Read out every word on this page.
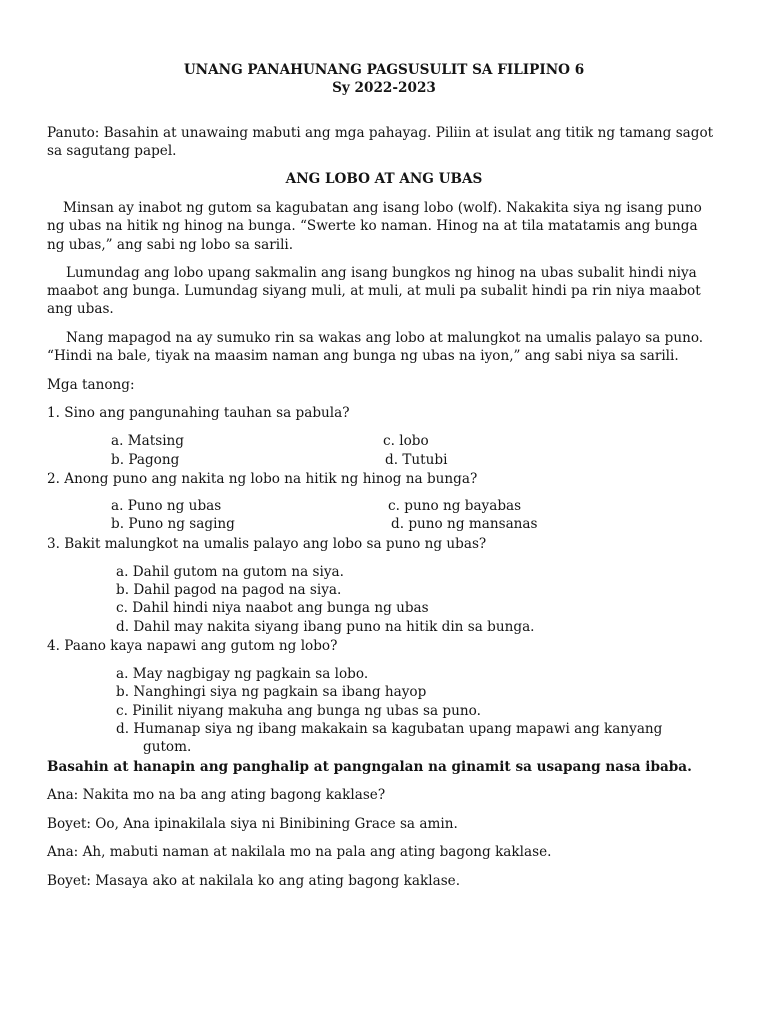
UNANG PANAHUNANG PAGSUSULIT SA FILIPINO 6
Sy 2022-2023
Panuto: Basahin at unawaing mabuti ang mga pahayag. Piliin at isulat ang titik ng tamang sagot
sa sagutang papel.
ANG LOBO AT ANG UBAS
Minsan ay inabot ng gutom sa kagubatan ang isang lobo (wolf). Nakakita siya ng isang puno
ng ubas na hitik ng hinog na bunga. “Swerte ko naman. Hinog na at tila matatamis ang bunga
ng ubas,” ang sabi ng lobo sa sarili.
Lumundag ang lobo upang sakmalin ang isang bungkos ng hinog na ubas subalit hindi niya
maabot ang bunga. Lumundag siyang muli, at muli, at muli pa subalit hindi pa rin niya maabot
ang ubas.
Nang mapagod na ay sumuko rin sa wakas ang lobo at malungkot na umalis palayo sa puno.
“Hindi na bale, tiyak na maasim naman ang bunga ng ubas na iyon,” ang sabi niya sa sarili.
Mga tanong:
1. Sino ang pangunahing tauhan sa pabula?
a. Matsing	c. lobo
b. Pagong	d. Tutubi
2. Anong puno ang nakita ng lobo na hitik ng hinog na bunga?
a. Puno ng ubas	c. puno ng bayabas
b. Puno ng saging	d. puno ng mansanas
3. Bakit malungkot na umalis palayo ang lobo sa puno ng ubas?
a. Dahil gutom na gutom na siya.
b. Dahil pagod na pagod na siya.
c. Dahil hindi niya naabot ang bunga ng ubas
d. Dahil may nakita siyang ibang puno na hitik din sa bunga.
4. Paano kaya napawi ang gutom ng lobo?
a. May nagbigay ng pagkain sa lobo.
b. Nanghingi siya ng pagkain sa ibang hayop
c. Pinilit niyang makuha ang bunga ng ubas sa puno.
d. Humanap siya ng ibang makakain sa kagubatan upang mapawi ang kanyang
gutom.
Basahin at hanapin ang panghalip at pangngalan na ginamit sa usapang nasa ibaba.
Ana: Nakita mo na ba ang ating bagong kaklase?
Boyet: Oo, Ana ipinakilala siya ni Binibining Grace sa amin.
Ana: Ah, mabuti naman at nakilala mo na pala ang ating bagong kaklase.
Boyet: Masaya ako at nakilala ko ang ating bagong kaklase.
